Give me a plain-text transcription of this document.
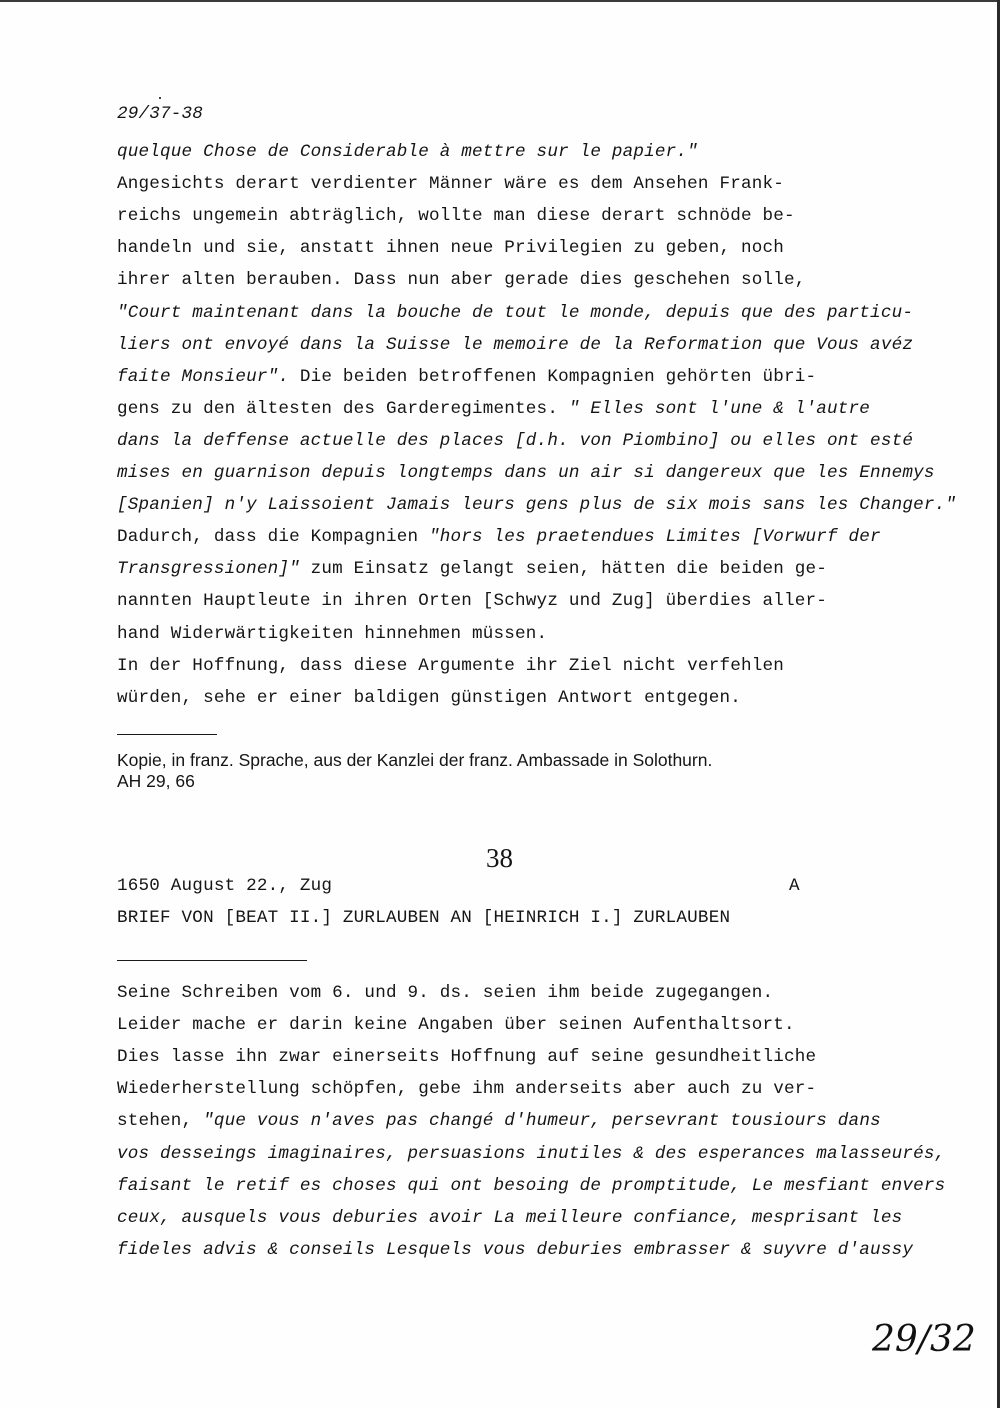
29/37-38
quelque Chose de Considerable à mettre sur le papier."
Angesichts derart verdienter Männer wäre es dem Ansehen Frank-
reichs ungemein abträglich, wollte man diese derart schnöde be-
handeln und sie, anstatt ihnen neue Privilegien zu geben, noch
ihrer alten berauben. Dass nun aber gerade dies geschehen solle,
"Court maintenant dans la bouche de tout le monde, depuis que des particu-
liers ont envoyé dans la Suisse le memoire de la Reformation que Vous avéz
faite Monsieur". Die beiden betroffenen Kompagnien gehörten übri-
gens zu den ältesten des Garderegimentes. " Elles sont l'une & l'autre
dans la deffense actuelle des places [d.h. von Piombino] ou elles ont esté
mises en guarnison depuis longtemps dans un air si dangereux que les Ennemys
[Spanien] n'y Laissoient Jamais leurs gens plus de six mois sans les Changer."
Dadurch, dass die Kompagnien "hors les praetendues Limites [Vorwurf der
Transgressionen]" zum Einsatz gelangt seien, hätten die beiden ge-
nannten Hauptleute in ihren Orten [Schwyz und Zug] überdies aller-
hand Widerwärtigkeiten hinnehmen müssen.
In der Hoffnung, dass diese Argumente ihr Ziel nicht verfehlen
würden, sehe er einer baldigen günstigen Antwort entgegen.
Kopie, in franz. Sprache, aus der Kanzlei der franz. Ambassade in Solothurn.
AH 29, 66
38
1650 August 22., Zug	A
BRIEF VON [BEAT II.] ZURLAUBEN AN [HEINRICH I.] ZURLAUBEN
Seine Schreiben vom 6. und 9. ds. seien ihm beide zugegangen.
Leider mache er darin keine Angaben über seinen Aufenthaltsort.
Dies lasse ihn zwar einerseits Hoffnung auf seine gesundheitliche
Wiederherstellung schöpfen, gebe ihm anderseits aber auch zu ver-
stehen, "que vous n'aves pas changé d'humeur, persevrant tousiours dans
vos desseings imaginaires, persuasions inutiles & des esperances malasseurés,
faisant le retif es choses qui ont besoing de promptitude, Le mesfiant envers
ceux, ausquels vous deburies avoir La meilleure confiance, mesprisant les
fideles advis & conseils Lesquels vous deburies embrasser & suyvre d'aussy
29/32
